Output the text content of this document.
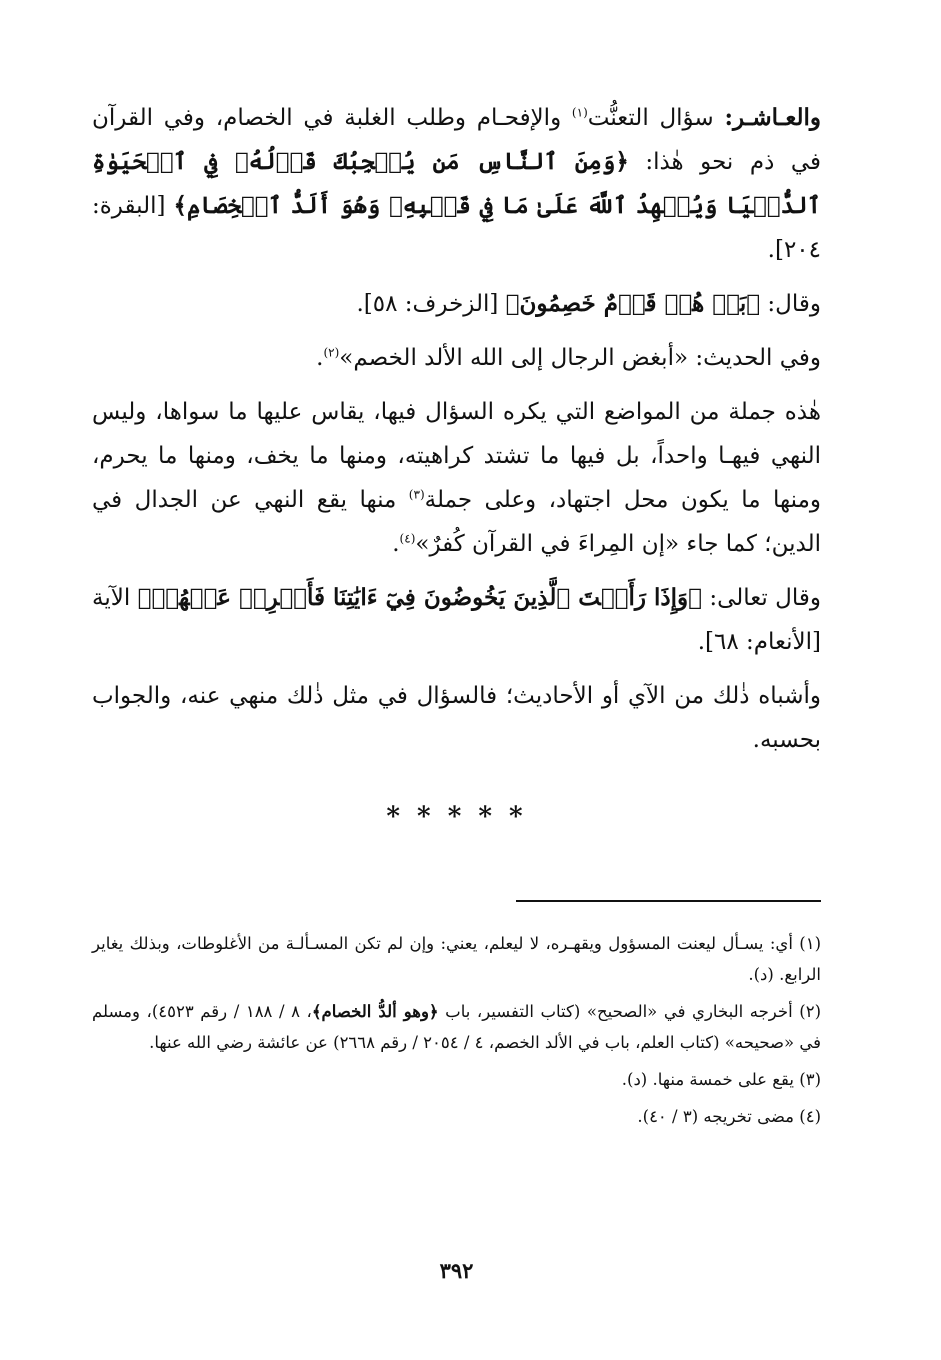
والعـاشـر: سؤال التعنُّت$^{(١)}$ والإفحـام وطلب الغلبة في الخصام، وفي القرآن في ذم نحو هٰذا: ﴿وَمِنَ ٱلنَّاسِ مَن يُعۡجِبُكَ قَوۡلُهُۥ فِي ٱلۡحَيَوٰةِ ٱلدُّنۡيَا وَيُشۡهِدُ ٱللَّهَ عَلَىٰ مَا فِي قَلۡبِهِۦ وَهُوَ أَلَدُّ ٱلۡخِصَامِ﴾ [البقرة: ٢٠٤].

وقال: ﴿بَلۡ هُمۡ قَوۡمٌ خَصِمُونَ﴾ [الزخرف: ٥٨].

وفي الحديث: «أبغض الرجال إلى الله الألد الخصم»$^{(٢)}$.

هٰذه جملة من المواضع التي يكره السؤال فيها، يقاس عليها ما سواها، وليس النهي فيهـا واحداً، بل فيها ما تشتد كراهيته، ومنها ما يخف، ومنها ما يحرم، ومنها ما يكون محل اجتهاد، وعلى جملة$^{(٣)}$ منها يقع النهي عن الجدال في الدين؛ كما جاء «إن المِراءَ في القرآن كُفرٌ»$^{(٤)}$.

وقال تعالى: ﴿وَإِذَا رَأَيۡتَ ٱلَّذِينَ يَخُوضُونَ فِيٓ ءَايَٰتِنَا فَأَعۡرِضۡ عَنۡهُمۡ﴾ الآية [الأنعام: ٦٨].

وأشباه ذٰلك من الآي أو الأحاديث؛ فالسؤال في مثل ذٰلك منهي عنه، والجواب بحسبه.

* * * * *

(١) أي: يسـأل ليعنت المسؤول ويقهـره، لا ليعلم، يعني: وإن لم تكن المسـألـة من الأغلوطات، وبذلك يغاير الرابع. (د).

(٢) أخرجه البخاري في «الصحيح» (كتاب التفسير، باب ﴿وهو ألدُّ الخصام﴾، ٨ / ١٨٨ / رقم ٤٥٢٣)، ومسلم في «صحيحه» (كتاب العلم، باب في الألد الخصم، ٤ / ٢٠٥٤ / رقم ٢٦٦٨) عن عائشة رضي الله عنها.

(٣) يقع على خمسة منها. (د).

(٤) مضى تخريجه (٣ / ٤٠).

٣٩٢
